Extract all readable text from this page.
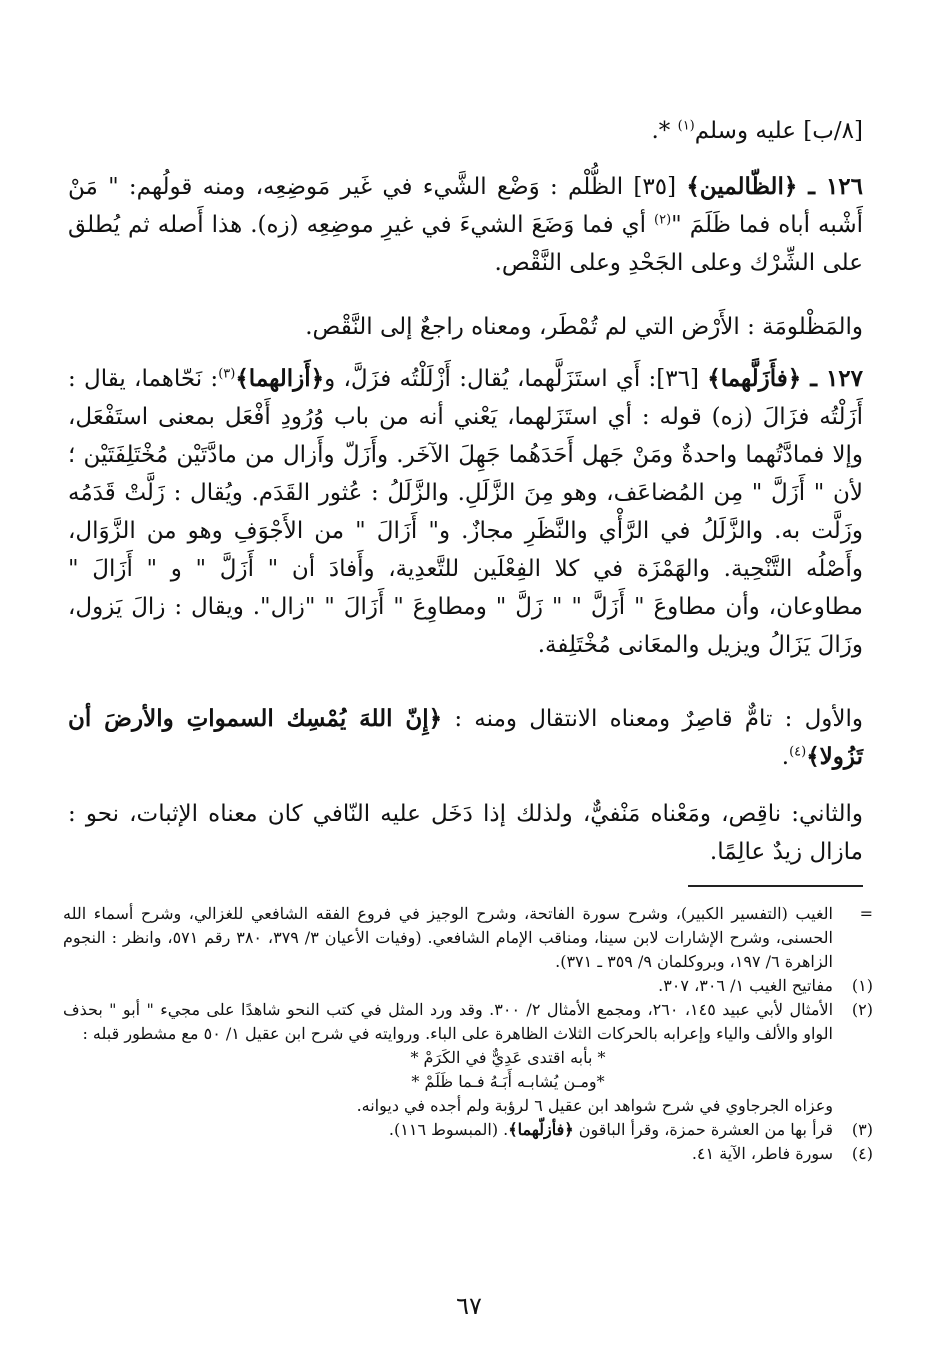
[٨/ب] عليه وسلم$^{(١)}$ *.

١٢٦ ـ ﴿الظّالمين﴾ [٣٥] الظُّلْم : وَضْع الشَّيء في غَير مَوضِعِه، ومنه قولُهم: " مَنْ أَشْبه أباه فما ظَلَمَ "$^{(٢)}$ أي فما وَضَعَ الشيءَ في غيرِ موضِعِه (زه). هذا أَصله ثم يُطلق على الشِّرْك وعلى الجَحْدِ وعلى النَّقْص.

والمَظْلومَة : الأَرْض التي لم تُمْطَر، ومعناه راجعٌ إلى النَّقْص.

١٢٧ ـ ﴿فأَزَلَّهما﴾ [٣٦]: أَي استَزَلَّهما، يُقال: أَزْلَلْتُه فزَلَّ، و﴿أَزالهما﴾$^{(٣)}$: نَحّاهما، يقال : أَزَلْتُه فزَالَ (زه) قوله : أي استَزَلهما، يَعْني أنه من باب وُرُودِ أَفْعَل بمعنى استَفْعَل، وإلا فمادَّتُهما واحدةٌ ومَنْ جَهل أَحَدَهُما جَهِلَ الآخَر. وأَزَلّ وأَزال من مادَّتَيْن مُخْتَلِفَتَيْن ؛ لأن " أَزَلَّ " مِن المُضاعَف، وهو مِنَ الزَّلَلِ. والزَّلَلُ : عُثور القَدَم. ويُقال : زَلَّتْ قَدَمُه وزَلَّت به. والزَّلَلُ في الرَّأْي والنَّظَرِ مجازٌ. و" أَزَالَ " من الأَجْوَفِ وهو من الزَّوَال، وأَصْلُه التَّنْحِية. والهَمْزَة في كلا الفِعْلَين للتَّعدِية، وأَفادَ أن " أَزَلَّ " و " أَزَالَ " مطاوعان، وأن مطاوعَ " أَزَلَّ " " زَلَّ " ومطاوِعَ " أَزَالَ " "زال". ويقال : زالَ يَزول، وزَالَ يَزَالُ ويزيل والمعَانى مُخْتَلِفة.

والأول : تامٌّ قاصِرٌ ومعناه الانتقال ومنه : ﴿إِنّ اللهَ يُمْسِك السمواتِ والأرضَ أن تَزُولا﴾$^{(٤)}$.

والثاني: ناقِص، ومَعْناه مَنْفيٌّ، ولذلك إذا دَخَل عليه النّافي كان معناه الإثبات، نحو : مازال زيدٌ عالِمًا.

=
الغيب (التفسير الكبير)، وشرح سورة الفاتحة، وشرح الوجيز في فروع الفقه الشافعي للغزالي، وشرح أسماء الله الحسنى، وشرح الإشارات لابن سينا، ومناقب الإمام الشافعي. (وفيات الأعيان ٣/ ٣٧٩، ٣٨٠ رقم ٥٧١، وانظر : النجوم الزاهرة ٦/ ١٩٧، وبروكلمان ٩/ ٣٥٩ ـ ٣٧١).
(١)
مفاتيح الغيب ١/ ٣٠٦، ٣٠٧.
(٢)
الأمثال لأبي عبيد ١٤٥، ٢٦٠، ومجمع الأمثال ٢/ ٣٠٠. وقد ورد المثل في كتب النحو شاهدًا على مجيء " أبو " بحذف الواو والألف والياء وإعرابه بالحركات الثلاث الظاهرة على الباء. وروايته في شرح ابن عقيل ١/ ٥٠ مع مشطور قبله :

* بأبه اقتدى عَدِيٌّ في الكَرَمْ *

*ومـن يُشابـه أَبَـهُ فـما ظَلَمْ *

وعزاه الجرجاوي في شرح شواهد ابن عقيل ٦ لرؤبة ولم أجده في ديوانه.

(٣)
قرأ بها من العشرة حمزة، وقرأ الباقون ﴿فأزلّهما﴾. (المبسوط ١١٦).
(٤)
سورة فاطر، الآية ٤١.
٦٧
